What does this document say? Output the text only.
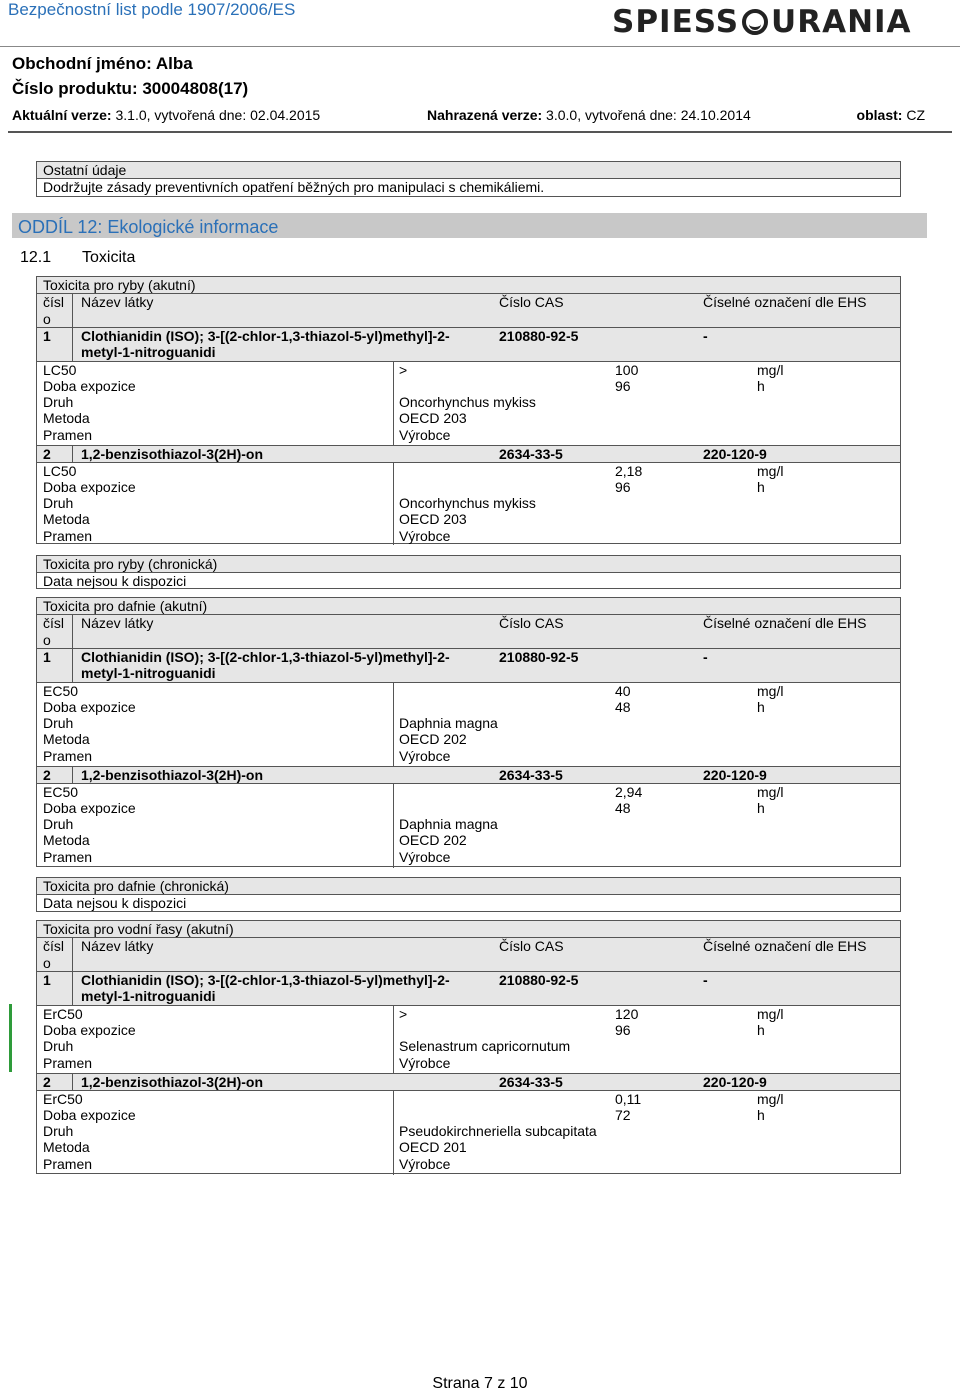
Bezpečnostní list podle 1907/2006/ES	SPIESS URANIA
Obchodní jméno: Alba
Číslo produktu: 30004808(17)
Aktuální verze: 3.1.0, vytvořená dne: 02.04.2015	Nahrazená verze: 3.0.0, vytvořená dne: 24.10.2014	oblast: CZ
Ostatní údaje
Dodržujte zásady preventivních opatření běžných pro manipulaci s chemikáliemi.
ODDÍL 12: Ekologické informace
12.1 Toxicita
Toxicita pro ryby (akutní)
čísl Název látky	Číslo CAS	Číselné označení dle EHS
o
1 Clothianidin (ISO); 3-[(2-chlor-1,3-thiazol-5-yl)methyl]-2-	210880-92-5	-
metyl-1-nitroguanidi
LC50	>	100	mg/l
Doba expozice	96	h
Druh	Oncorhynchus mykiss
Metoda	OECD 203
Pramen	Výrobce
2 1,2-benzisothiazol-3(2H)-on	2634-33-5	220-120-9
LC50	2,18	mg/l
Doba expozice	96	h
Druh	Oncorhynchus mykiss
Metoda	OECD 203
Pramen	Výrobce
Toxicita pro ryby (chronická)
Data nejsou k dispozici
Toxicita pro dafnie (akutní)
čísl Název látky	Číslo CAS	Číselné označení dle EHS
o
1 Clothianidin (ISO); 3-[(2-chlor-1,3-thiazol-5-yl)methyl]-2-	210880-92-5	-
metyl-1-nitroguanidi
EC50	40	mg/l
Doba expozice	48	h
Druh	Daphnia magna
Metoda	OECD 202
Pramen	Výrobce
2 1,2-benzisothiazol-3(2H)-on	2634-33-5	220-120-9
EC50	2,94	mg/l
Doba expozice	48	h
Druh	Daphnia magna
Metoda	OECD 202
Pramen	Výrobce
Toxicita pro dafnie (chronická)
Data nejsou k dispozici
Toxicita pro vodní řasy (akutní)
čísl Název látky	Číslo CAS	Číselné označení dle EHS
o
1 Clothianidin (ISO); 3-[(2-chlor-1,3-thiazol-5-yl)methyl]-2-	210880-92-5	-
metyl-1-nitroguanidi
ErC50	>	120	mg/l
Doba expozice	96	h
Druh	Selenastrum capricornutum
Pramen	Výrobce
2 1,2-benzisothiazol-3(2H)-on	2634-33-5	220-120-9
ErC50	0,11	mg/l
Doba expozice	72	h
Druh	Pseudokirchneriella subcapitata
Metoda	OECD 201
Pramen	Výrobce
Strana 7 z 10
